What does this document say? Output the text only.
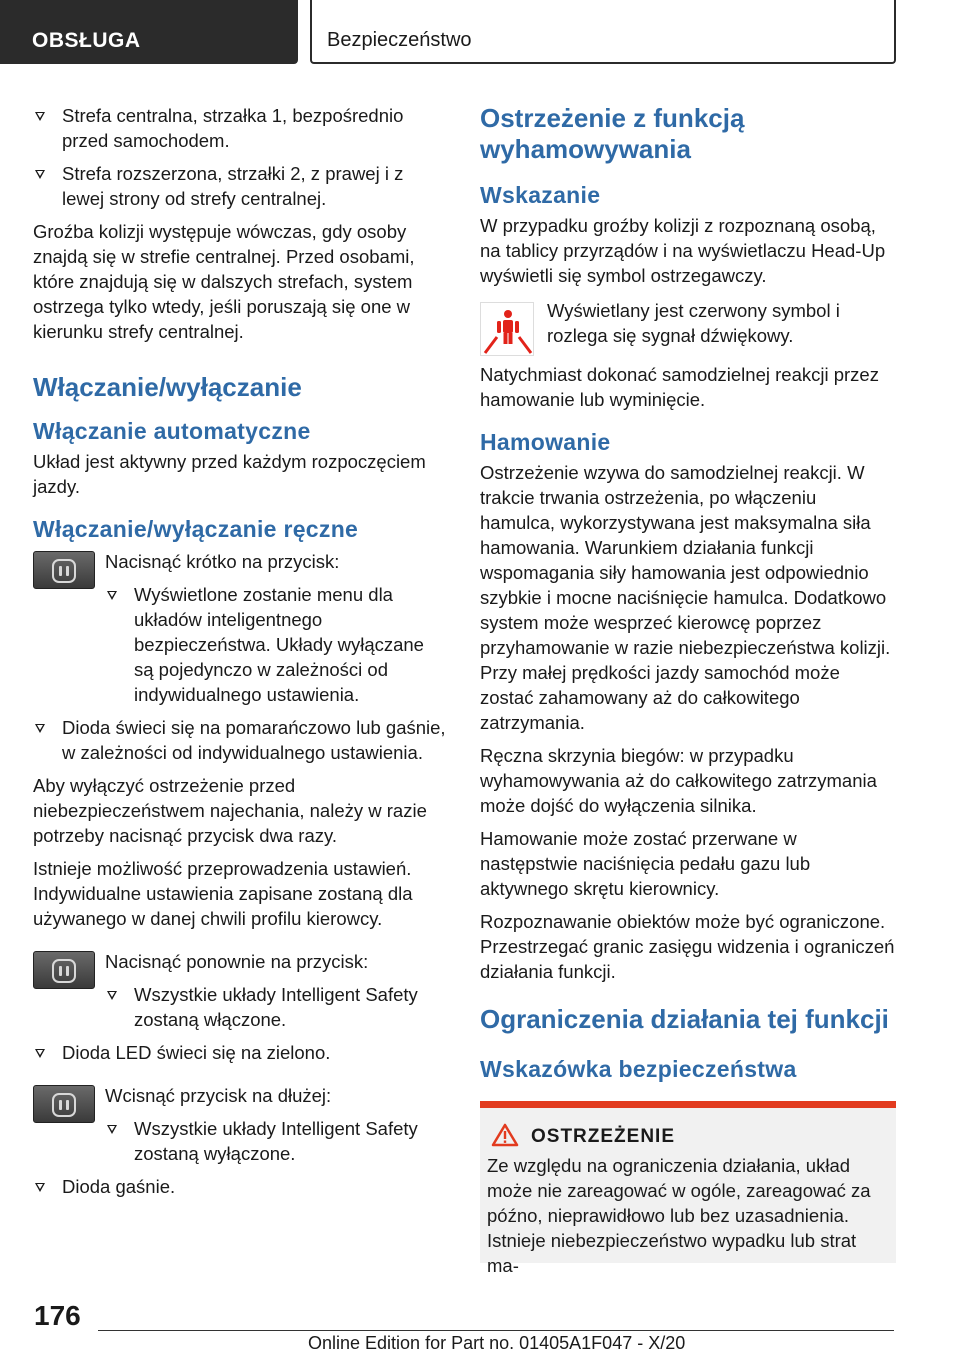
OBSŁUGA	Bezpieczeństwo
Strefa centralna, strzałka 1, bezpośrednio przed samochodem.
Strefa rozszerzona, strzałki 2, z prawej i z lewej strony od strefy centralnej.

Groźba kolizji występuje wówczas, gdy osoby znajdą się w strefie centralnej. Przed osobami, które znajdują się w dalszych strefach, system ostrzega tylko wtedy, jeśli poruszają się one w kierunku strefy centralnej.

Włączanie/wyłączanie
Włączanie automatyczne

Układ jest aktywny przed każdym rozpoczęciem jazdy.

Włączanie/wyłączanie ręczne

Nacisnąć krótko na przycisk:

Wyświetlone zostanie menu dla układów inteligentnego bezpieczeństwa. Układy wyłączane są pojedynczo w zależności od indywidualnego ustawienia.
Dioda świeci się na pomarańczowo lub gaśnie, w zależności od indywidualnego ustawienia.

Aby wyłączyć ostrzeżenie przed niebezpieczeństwem najechania, należy w razie potrzeby nacisnąć przycisk dwa razy.

Istnieje możliwość przeprowadzenia ustawień. Indywidualne ustawienia zapisane zostaną dla używanego w danej chwili profilu kierowcy.

Nacisnąć ponownie na przycisk:

Wszystkie układy Intelligent Safety zostaną włączone.
Dioda LED świeci się na zielono.

Wcisnąć przycisk na dłużej:

Wszystkie układy Intelligent Safety zostaną wyłączone.
Dioda gaśnie.
Ostrzeżenie z funkcją wyhamowywania
Wskazanie

W przypadku groźby kolizji z rozpoznaną osobą, na tablicy przyrządów i na wyświetlaczu Head-Up wyświetli się symbol ostrzegawczy.

Wyświetlany jest czerwony symbol i rozlega się sygnał dźwiękowy.

Natychmiast dokonać samodzielnej reakcji przez hamowanie lub wyminięcie.

Hamowanie

Ostrzeżenie wzywa do samodzielnej reakcji. W trakcie trwania ostrzeżenia, po włączeniu hamulca, wykorzystywana jest maksymalna siła hamowania. Warunkiem działania funkcji wspomagania siły hamowania jest odpowiednio szybkie i mocne naciśnięcie hamulca. Dodatkowo system może wesprzeć kierowcę poprzez przyhamowanie w razie niebezpieczeństwa kolizji. Przy małej prędkości jazdy samochód może zostać zahamowany aż do całkowitego zatrzymania.

Ręczna skrzynia biegów: w przypadku wyhamowywania aż do całkowitego zatrzymania może dojść do wyłączenia silnika.

Hamowanie może zostać przerwane w następstwie naciśnięcia pedału gazu lub aktywnego skrętu kierownicy.

Rozpoznawanie obiektów może być ograniczone. Przestrzegać granic zasięgu widzenia i ograniczeń działania funkcji.

Ograniczenia działania tej funkcji
Wskazówka bezpieczeństwa
OSTRZEŻENIE

Ze względu na ograniczenia działania, układ może nie zareagować w ogóle, zareagować za późno, nieprawidłowo lub bez uzasadnienia. Istnieje niebezpieczeństwo wypadku lub strat ma-

176
Online Edition for Part no. 01405A1F047 - X/20
